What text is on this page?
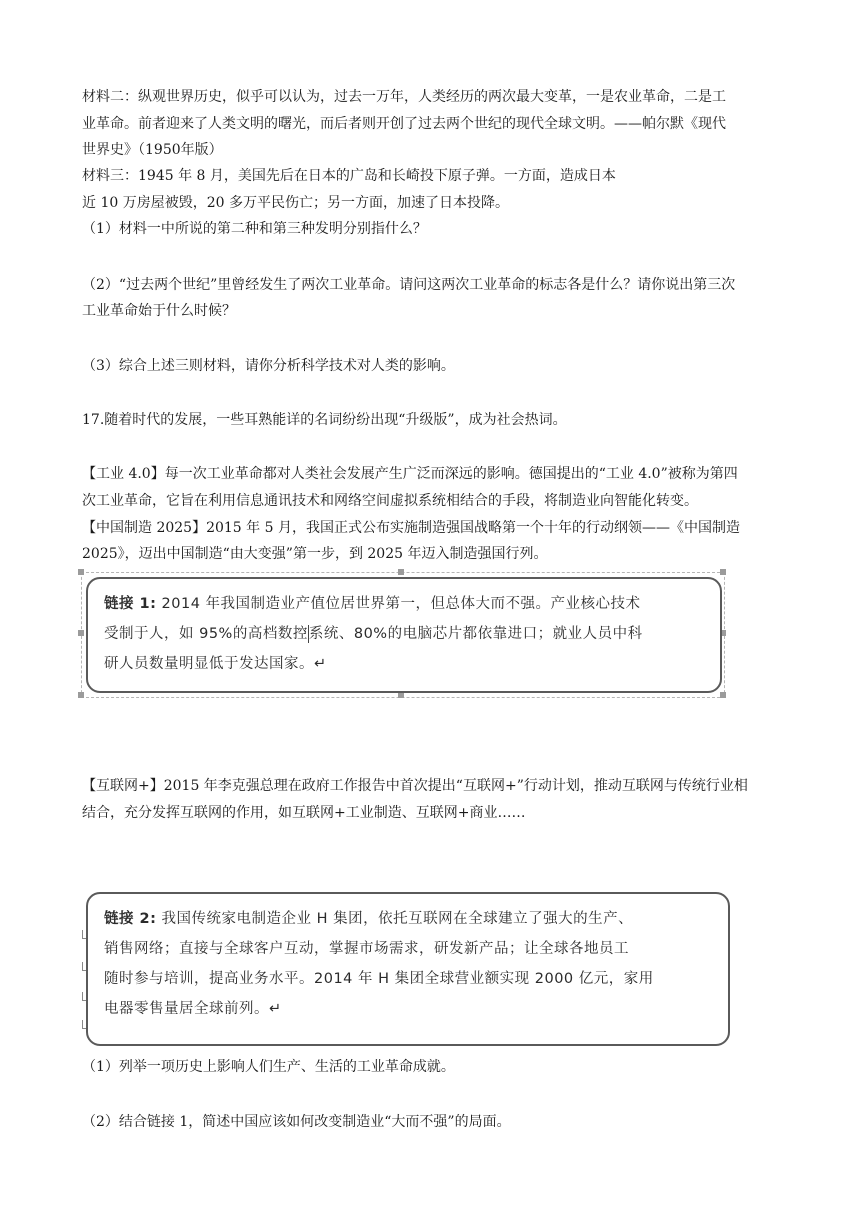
材料二：纵观世界历史，似乎可以认为，过去一万年，人类经历的两次最大变革，一是农业革命，二是工

业革命。前者迎来了人类文明的曙光，而后者则开创了过去两个世纪的现代全球文明。——帕尔默《现代

世界史》（1950年版）

材料三：1945 年 8 月，美国先后在日本的广岛和长崎投下原子弹。一方面，造成日本

近 10 万房屋被毁，20 多万平民伤亡；另一方面，加速了日本投降。

（1）材料一中所说的第二种和第三种发明分别指什么？

（2）“过去两个世纪”里曾经发生了两次工业革命。请问这两次工业革命的标志各是什么？请你说出第三次

工业革命始于什么时候？

（3）综合上述三则材料，请你分析科学技术对人类的影响。

17.随着时代的发展，一些耳熟能详的名词纷纷出现“升级版”，成为社会热词。

【工业 4.0】每一次工业革命都对人类社会发展产生广泛而深远的影响。德国提出的“工业 4.0”被称为第四

次工业革命，它旨在利用信息通讯技术和网络空间虚拟系统相结合的手段，将制造业向智能化转变。

【中国制造 2025】2015 年 5 月，我国正式公布实施制造强国战略第一个十年的行动纲领——《中国制造

2025》，迈出中国制造“由大变强”第一步，到 2025 年迈入制造强国行列。

链接 1: 2014 年我国制造业产值位居世界第一，但总体大而不强。产业核心技术
受制于人，如 95%的高档数控系统、80%的电脑芯片都依靠进口；就业人员中科
研人员数量明显低于发达国家。↵

【互联网+】2015 年李克强总理在政府工作报告中首次提出“互联网+”行动计划，推动互联网与传统行业相

结合，充分发挥互联网的作用，如互联网+工业制造、互联网+商业……

链接 2: 我国传统家电制造企业 H 集团，依托互联网在全球建立了强大的生产、
销售网络；直接与全球客户互动，掌握市场需求，研发新产品；让全球各地员工
随时参与培训，提高业务水平。2014 年 H 集团全球营业额实现 2000 亿元，家用
电器零售量居全球前列。↵

（1）列举一项历史上影响人们生产、生活的工业革命成就。

（2）结合链接 1，简述中国应该如何改变制造业“大而不强”的局面。
